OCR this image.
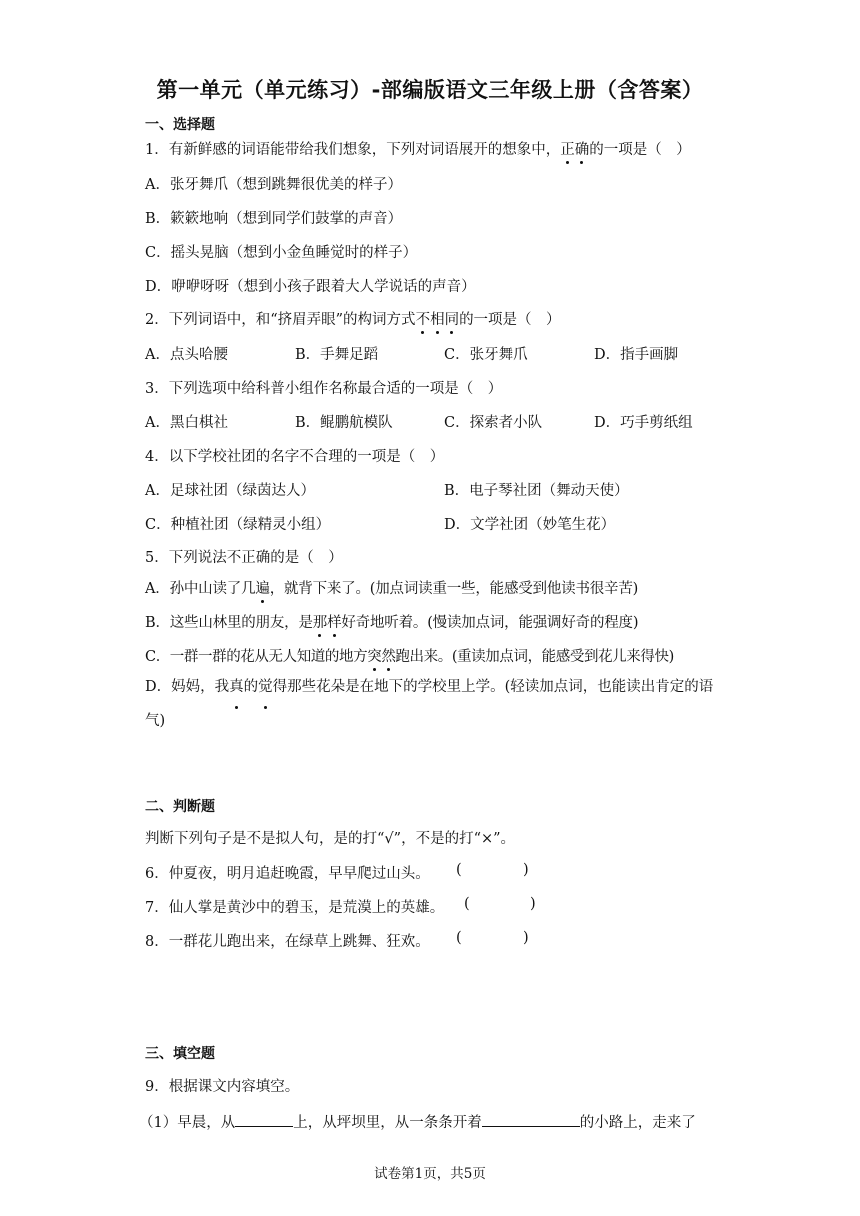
第一单元（单元练习）-部编版语文三年级上册（含答案）
一、选择题
1．有新鲜感的词语能带给我们想象，下列对词语展开的想象中，正确的一项是（　）
A．张牙舞爪（想到跳舞很优美的样子）
B．簌簌地响（想到同学们鼓掌的声音）
C．摇头晃脑（想到小金鱼睡觉时的样子）
D．咿咿呀呀（想到小孩子跟着大人学说话的声音）
2．下列词语中，和“挤眉弄眼”的构词方式不相同的一项是（　）
A．点头哈腰	B．手舞足蹈	C．张牙舞爪	D．指手画脚
3．下列选项中给科普小组作名称最合适的一项是（　）
A．黑白棋社	B．鲲鹏航模队	C．探索者小队	D．巧手剪纸组
4．以下学校社团的名字不合理的一项是（　）
A．足球社团（绿茵达人）	B．电子琴社团（舞动天使）
C．种植社团（绿精灵小组）	D．文学社团（妙笔生花）
5．下列说法不正确的是（　）
A．孙中山读了几遍，就背下来了。(加点词读重一些，能感受到他读书很辛苦)
B．这些山林里的朋友，是那样好奇地听着。(慢读加点词，能强调好奇的程度)
C．一群一群的花从无人知道的地方突然跑出来。(重读加点词，能感受到花儿来得快)
D．妈妈，我真的觉得那些花朵是在地下的学校里上学。(轻读加点词，也能读出肯定的语气)
二、判断题
判断下列句子是不是拟人句，是的打“√”，不是的打“×”。
6．仲夏夜，明月追赶晚霞，早早爬过山头。 (	)
7．仙人掌是黄沙中的碧玉，是荒漠上的英雄。 (	)
8．一群花儿跑出来，在绿草上跳舞、狂欢。 (	)
三、填空题
9．根据课文内容填空。
（1）早晨，从	上，从坪坝里，从一条条开着	的小路上，走来了
试卷第1页，共5页
